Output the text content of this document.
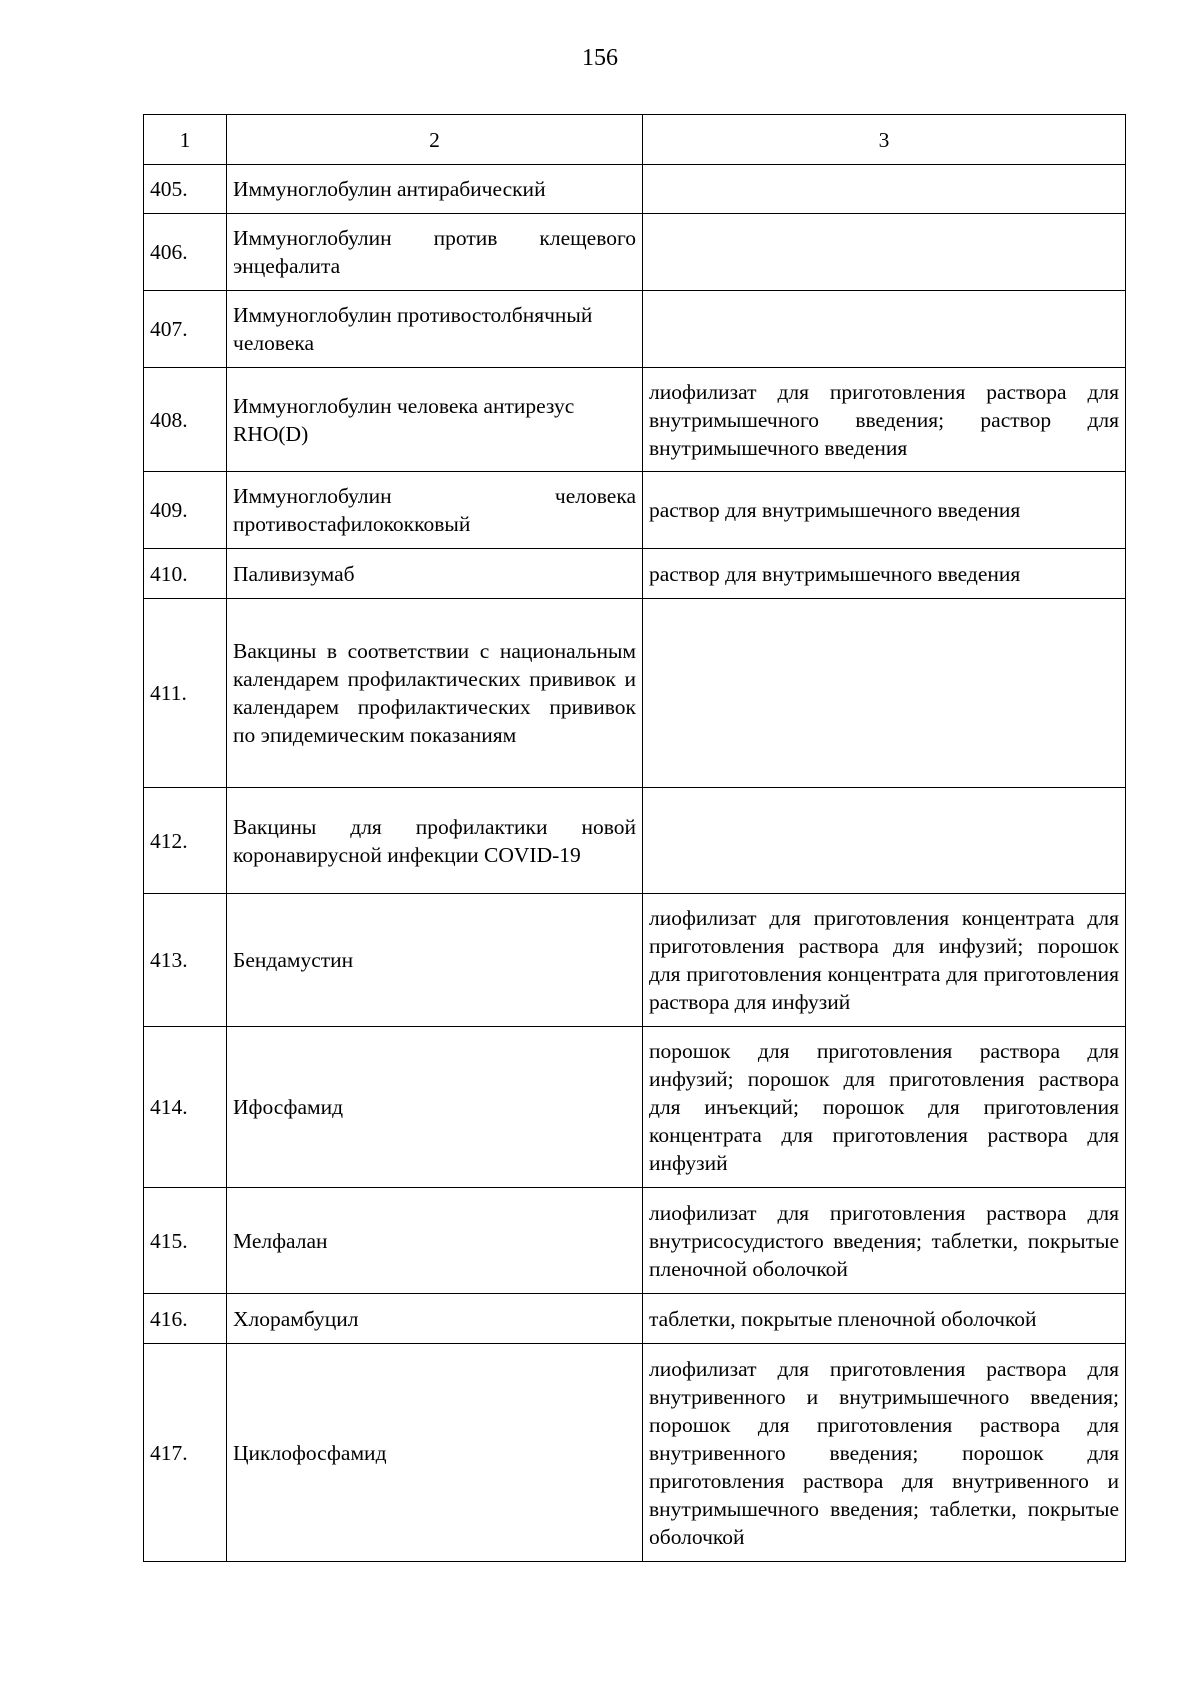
156
1	2	3
405.	Иммуноглобулин антирабический	
406.	Иммуноглобулин против клещевого энцефалита	
407.	Иммуноглобулин противостолбнячный человека	
408.	Иммуноглобулин человека антирезус RHO(D)	лиофилизат для приготовления раствора для внутримышечного введения; раствор для внутримышечного введения
409.	Иммуноглобулин человека противостафилококковый	раствор для внутримышечного введения
410.	Паливизумаб	раствор для внутримышечного введения
411.	Вакцины в соответствии с национальным календарем профилактических прививок и календарем профилактических прививок по эпидемическим показаниям	
412.	Вакцины для профилактики новой коронавирусной инфекции COVID-19	
413.	Бендамустин	лиофилизат для приготовления концентрата для приготовления раствора для инфузий; порошок для приготовления концентрата для приготовления раствора для инфузий
414.	Ифосфамид	порошок для приготовления раствора для инфузий; порошок для приготовления раствора для инъекций; порошок для приготовления концентрата для приготовления раствора для инфузий
415.	Мелфалан	лиофилизат для приготовления раствора для внутрисосудистого введения; таблетки, покрытые пленочной оболочкой
416.	Хлорамбуцил	таблетки, покрытые пленочной оболочкой
417.	Циклофосфамид	лиофилизат для приготовления раствора для внутривенного и внутримышечного введения; порошок для приготовления раствора для внутривенного введения; порошок для приготовления раствора для внутривенного и внутримышечного введения; таблетки, покрытые оболочкой
